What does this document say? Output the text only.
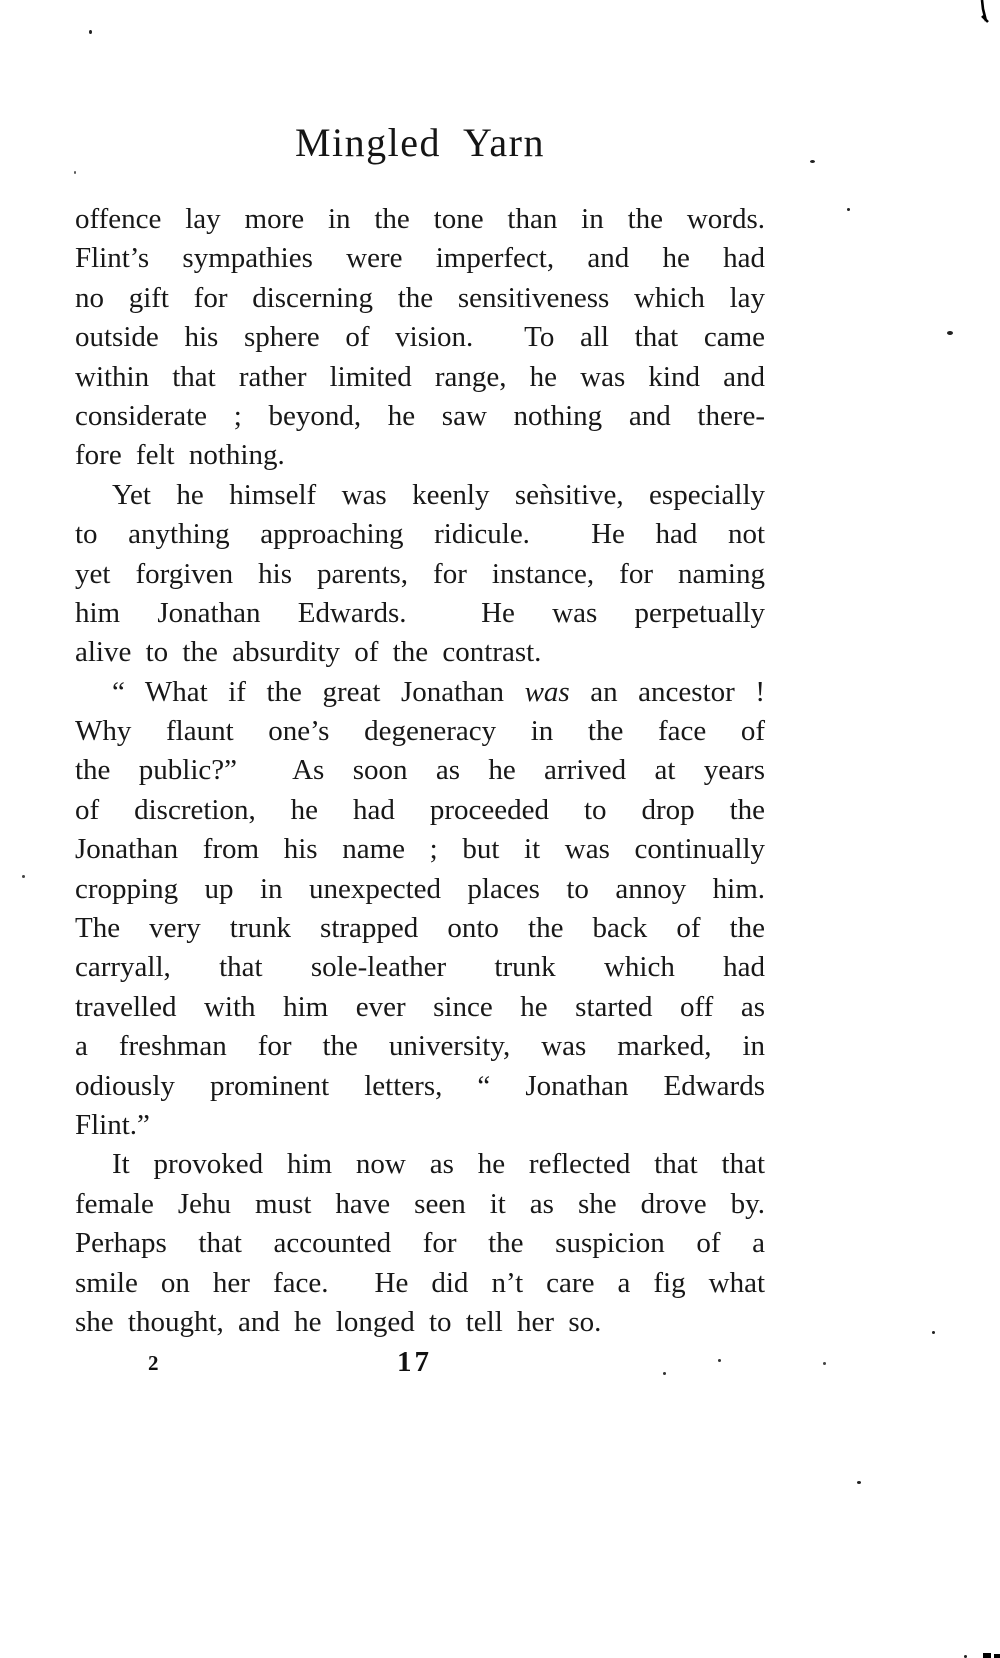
Mingled Yarn
offence lay more in the tone than in the words.
Flint’s sympathies were imperfect, and he had
no gift for discerning the sensitiveness which lay
outside his sphere of vision.  To all that came
within that rather limited range, he was kind and
considerate ; beyond, he saw nothing and there-
fore felt nothing.
Yet he himself was keenly seǹsitive, especially
to anything approaching ridicule.  He had not
yet forgiven his parents, for instance, for naming
him Jonathan Edwards.  He was perpetually
alive to the absurdity of the contrast.
“ What if the great Jonathan was an ancestor !
Why flaunt one’s degeneracy in the face of
the public?”  As soon as he arrived at years
of discretion, he had proceeded to drop the
Jonathan from his name ; but it was continually
cropping up in unexpected places to annoy him.
The very trunk strapped onto the back of the
carryall, that sole-leather trunk which had
travelled with him ever since he started off as
a freshman for the university, was marked, in
odiously prominent letters, “ Jonathan Edwards
Flint.”
It provoked him now as he reflected that that
female Jehu must have seen it as she drove by.
Perhaps that accounted for the suspicion of a
smile on her face.  He did n’t care a fig what
she thought, and he longed to tell her so.
2	17
